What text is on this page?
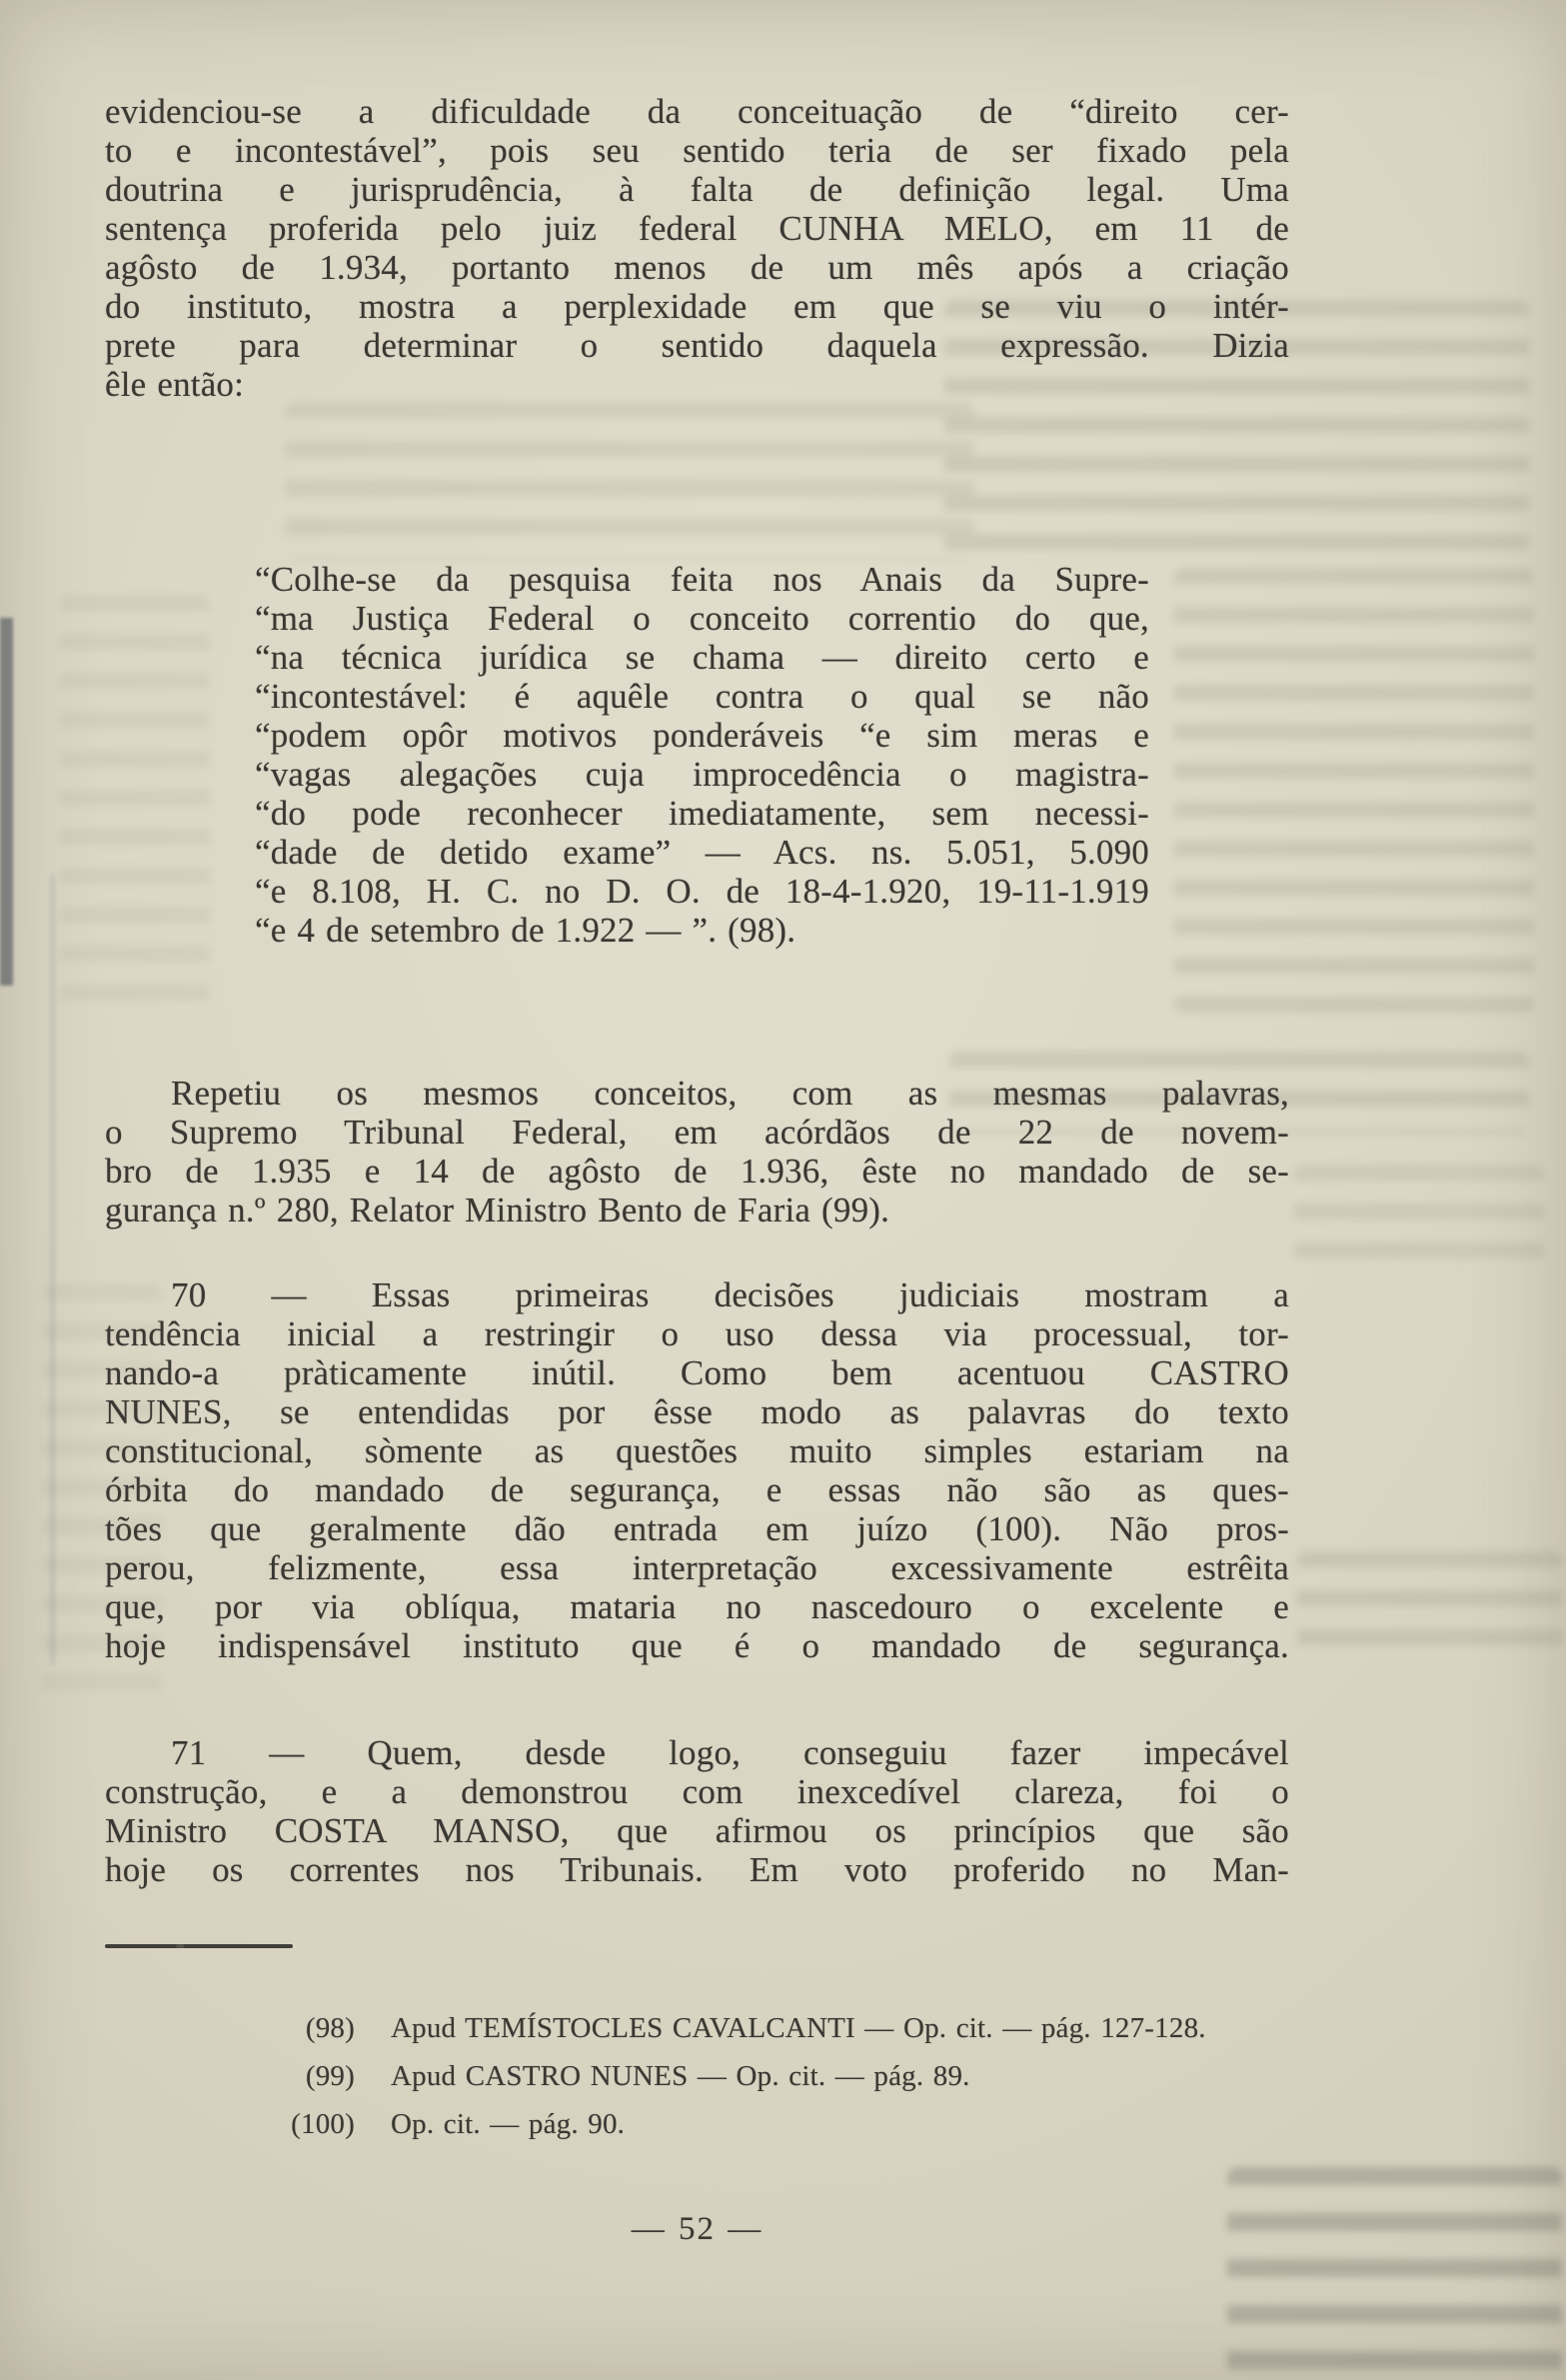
evidenciou-se a dificuldade da conceituação de “direito cer-
to e incontestável”, pois seu sentido teria de ser fixado pela
doutrina e jurisprudência, à falta de definição legal. Uma
sentença proferida pelo juiz federal CUNHA MELO, em 11 de
agôsto de 1.934, portanto menos de um mês após a criação
do instituto, mostra a perplexidade em que se viu o intér-
prete para determinar o sentido daquela expressão. Dizia
êle então:
“Colhe-se da pesquisa feita nos Anais da Supre-
“ma Justiça Federal o conceito correntio do que,
“na técnica jurídica se chama — direito certo e
“incontestável: é aquêle contra o qual se não
“podem opôr motivos ponderáveis “e sim meras e
“vagas alegações cuja improcedência o magistra-
“do pode reconhecer imediatamente, sem necessi-
“dade de detido exame” — Acs. ns. 5.051, 5.090
“e 8.108, H. C. no D. O. de 18-4-1.920, 19-11-1.919
“e 4 de setembro de 1.922 — ”. (98).
Repetiu os mesmos conceitos, com as mesmas palavras,
o Supremo Tribunal Federal, em acórdãos de 22 de novem-
bro de 1.935 e 14 de agôsto de 1.936, êste no mandado de se-
gurança n.º 280, Relator Ministro Bento de Faria (99).
70 — Essas primeiras decisões judiciais mostram a
tendência inicial a restringir o uso dessa via processual, tor-
nando-a pràticamente inútil. Como bem acentuou CASTRO
NUNES, se entendidas por êsse modo as palavras do texto
constitucional, sòmente as questões muito simples estariam na
órbita do mandado de segurança, e essas não são as ques-
tões que geralmente dão entrada em juízo (100). Não pros-
perou, felizmente, essa interpretação excessivamente estrêita
que, por via oblíqua, mataria no nascedouro o excelente e
hoje indispensável instituto que é o mandado de segurança.
71 — Quem, desde logo, conseguiu fazer impecável
construção, e a demonstrou com inexcedível clareza, foi o
Ministro COSTA MANSO, que afirmou os princípios que são
hoje os correntes nos Tribunais. Em voto proferido no Man-
(98) Apud TEMÍSTOCLES CAVALCANTI — Op. cit. — pág. 127-128.
(99) Apud CASTRO NUNES — Op. cit. — pág. 89.
(100) Op. cit. — pág. 90.
— 52 —
